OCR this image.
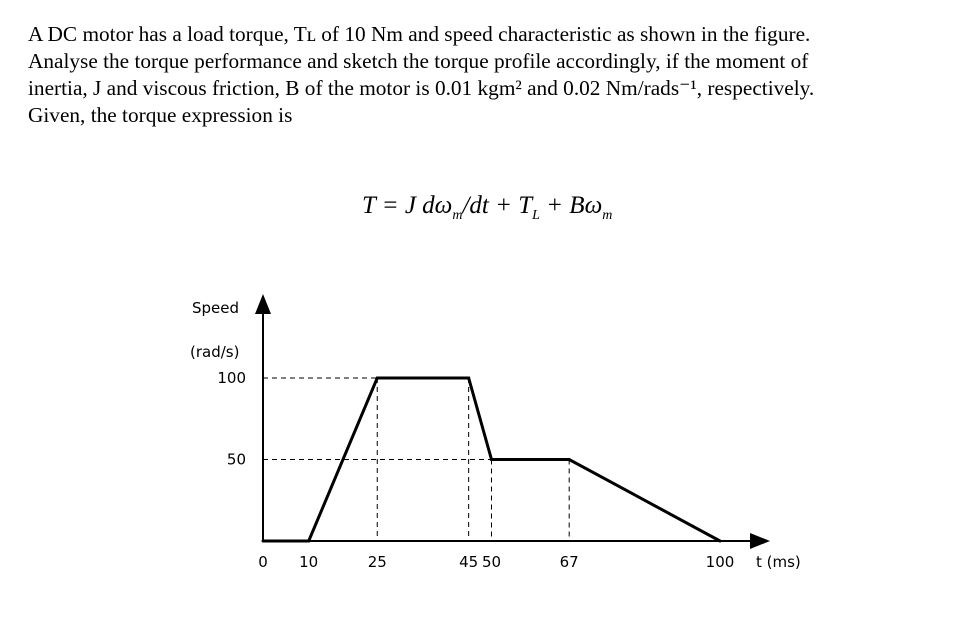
A DC motor has a load torque, Tʟ of 10 Nm and speed characteristic as shown in the figure.
Analyse the torque performance and sketch the torque profile accordingly, if the moment of
inertia, J and viscous friction, B of the motor is 0.01 kgm² and 0.02 Nm/rads⁻¹, respectively.
Given, the torque expression is
T = J $d\omega_m/dt + T_L + B\omega_m$
Speed
(rad/s)
t (ms)
100
50
0 10	25	45 50	67	100
